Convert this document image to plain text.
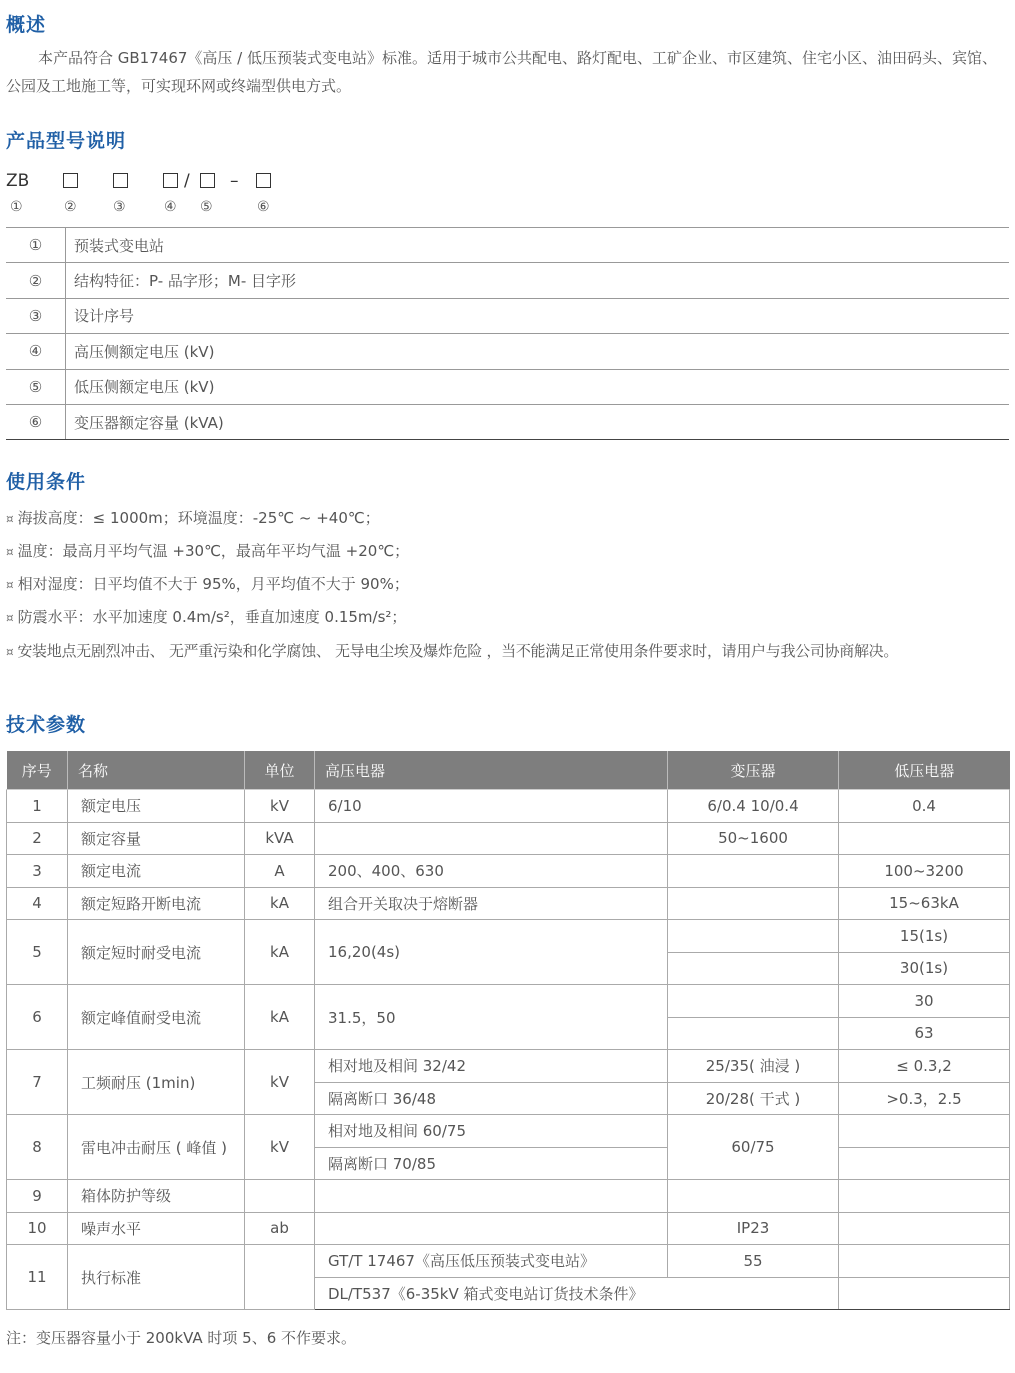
概述

本产品符合 GB17467《高压 / 低压预装式变电站》标准。适用于城市公共配电、路灯配电、工矿企业、市区建筑、住宅小区、油田码头、宾馆、公园及工地施工等，可实现环网或终端型供电方式。

产品型号说明
ZB	/ –
①	②	③	④ ⑤	⑥
①	预装式变电站
②	结构特征：P- 品字形；M- 目字形
③	设计序号
④	高压侧额定电压 (kV)
⑤	低压侧额定电压 (kV)
⑥	变压器额定容量 (kVA)
使用条件

¤ 海拔高度：≤ 1000m；环境温度：-25℃ ~ +40℃；

¤ 温度：最高月平均气温 +30℃，最高年平均气温 +20℃；

¤ 相对湿度：日平均值不大于 95%，月平均值不大于 90%；

¤ 防震水平：水平加速度 0.4m/s²，垂直加速度 0.15m/s²；

¤ 安装地点无剧烈冲击、 无严重污染和化学腐蚀、 无导电尘埃及爆炸危险 ，当不能满足正常使用条件要求时，请用户与我公司协商解决。

技术参数
序号	名称	单位	高压电器	变压器	低压电器
1	额定电压	kV	6/10	6/0.4 10/0.4	0.4
2	额定容量	kVA		50~1600	
3	额定电流	A	200、400、630		100~3200
4	额定短路开断电流	kA	组合开关取决于熔断器		15~63kA
5	额定短时耐受电流	kA	16,20(4s)		15(1s)
					30(1s)
6	额定峰值耐受电流	kA	31.5，50		30
					63
7	工频耐压 (1min)	kV	相对地及相间 32/42	25/35( 油浸 )	≤ 0.3,2
			隔离断口 36/48	20/28( 干式 )	>0.3，2.5
8	雷电冲击耐压 ( 峰值 )	kV	相对地及相间 60/75	60/75	
			隔离断口 70/85		
9	箱体防护等级				
10	噪声水平	ab		IP23	
11	执行标准		GT/T 17467《高压低压预装式变电站》	55	
			DL/T537《6-35kV 箱式变电站订货技术条件》		

注：变压器容量小于 200kVA 时项 5、6 不作要求。
